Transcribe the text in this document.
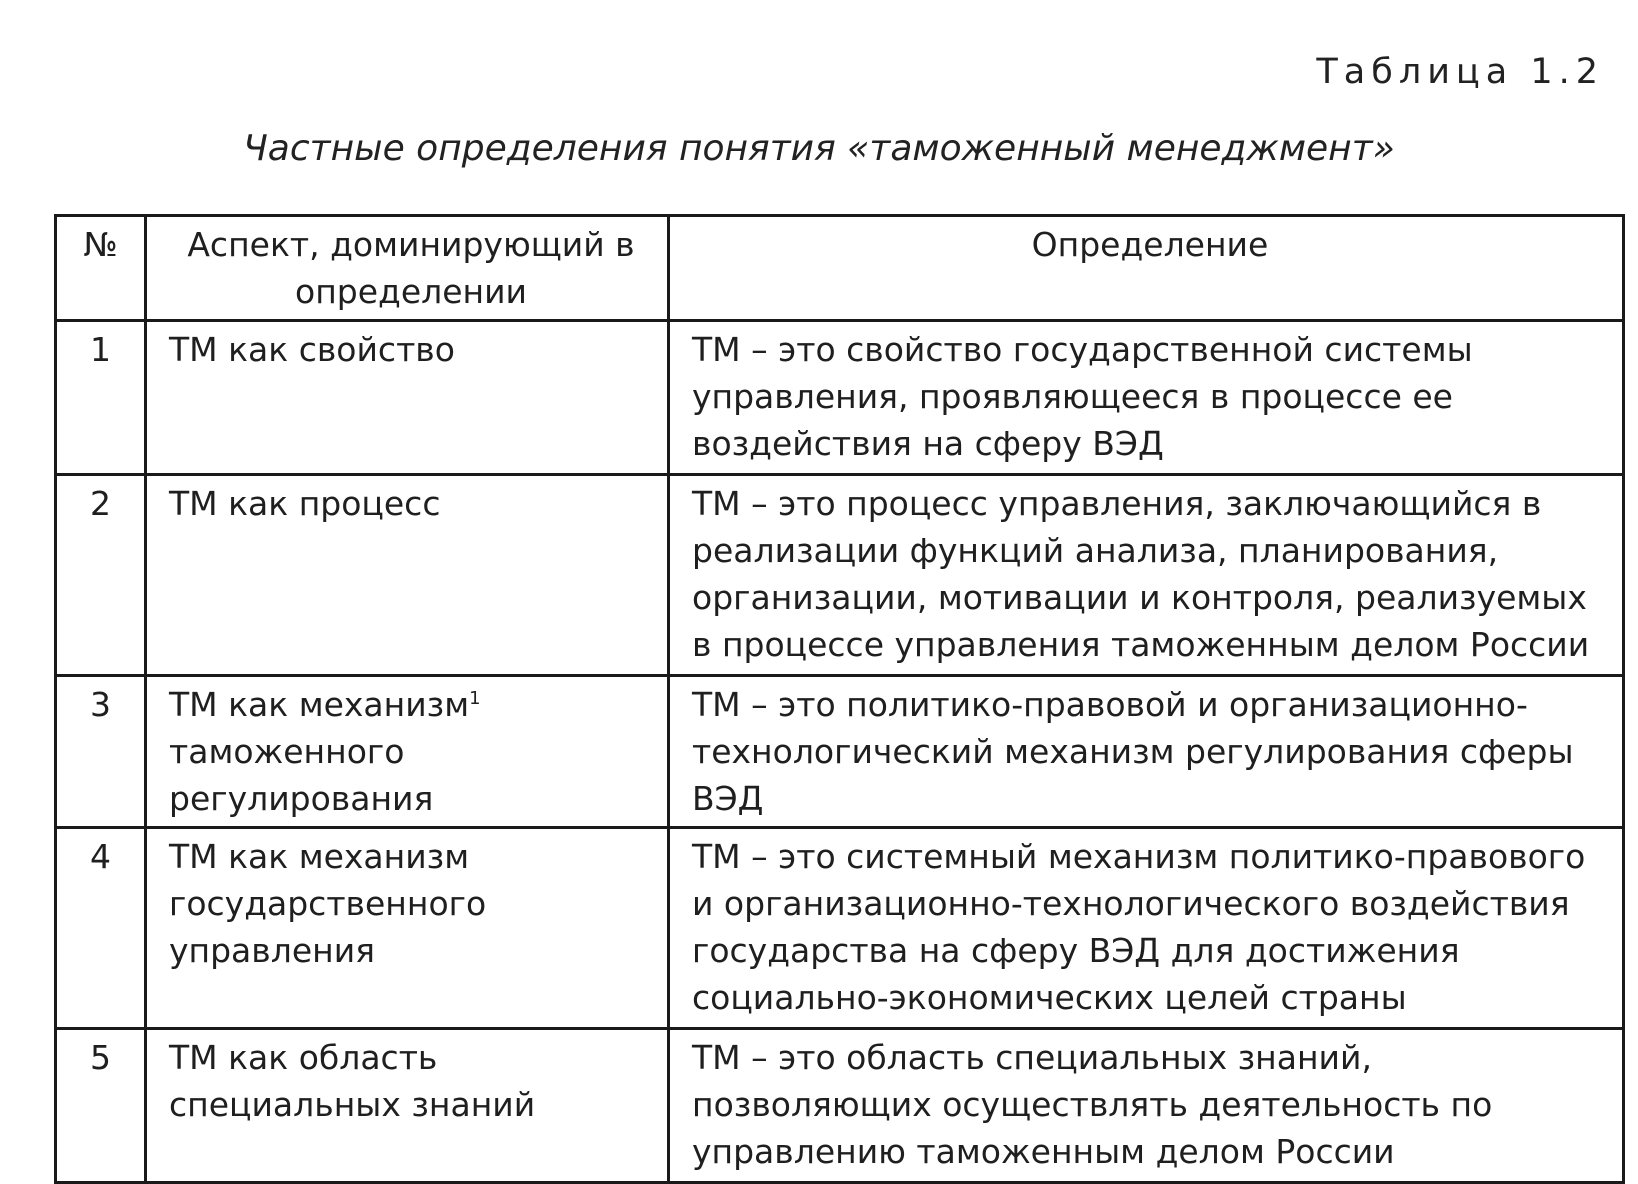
Таблица 1.2
Частные определения понятия «таможенный менеджмент»
№	Аспект, доминирующий в определении	Определение
1	ТМ как свойство	ТМ – это свойство государственной системы управления, проявляющееся в процессе ее воздействия на сферу ВЭД
2	ТМ как процесс	ТМ – это процесс управления, заключающийся в реализации функций анализа, планирования, организации, мотивации и контроля, реализуемых в процессе управления таможенным делом России
3	ТМ как механизм$^1$ таможенного регулирования	ТМ – это политико-правовой и организационно-технологический механизм регулирования сферы ВЭД
4	ТМ как механизм государственного управления	ТМ – это системный механизм политико-правового и организационно-технологического воздействия государства на сферу ВЭД для достижения социально-экономических целей страны
5	ТМ как область специальных знаний	ТМ – это область специальных знаний, позволяющих осуществлять деятельность по управлению таможенным делом России
